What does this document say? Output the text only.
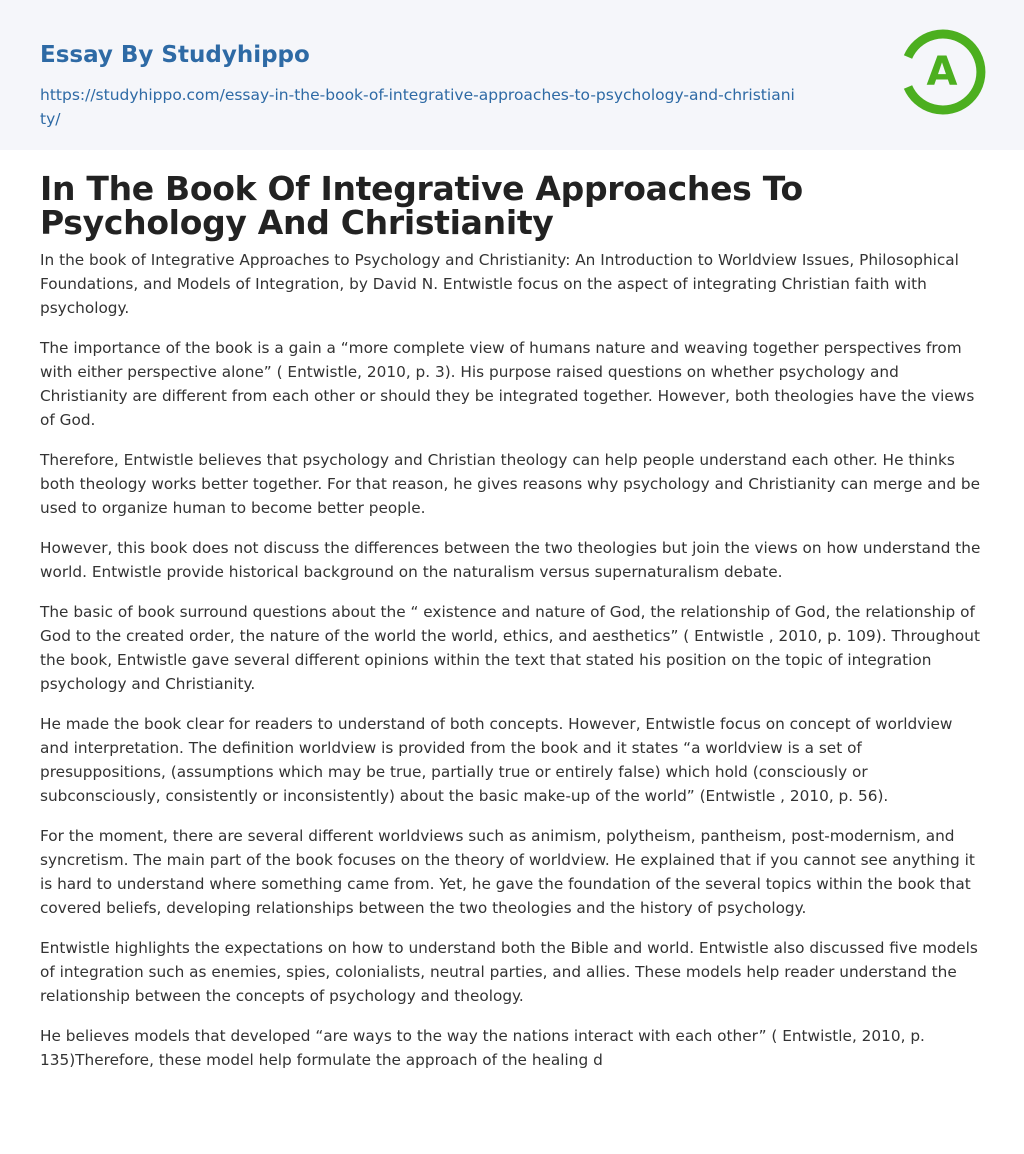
Essay By Studyhippo
https://studyhippo.com/essay-in-the-book-of-integrative-approaches-to-psychology-and-christianity/
A
In The Book Of Integrative Approaches To Psychology And Christianity

In the book of Integrative Approaches to Psychology and Christianity: An Introduction to Worldview Issues, Philosophical Foundations, and Models of Integration, by David N. Entwistle focus on the aspect of integrating Christian faith with psychology.

The importance of the book is a gain a “more complete view of humans nature and weaving together perspectives from with either perspective alone” ( Entwistle, 2010, p. 3). His purpose raised questions on whether psychology and Christianity are different from each other or should they be integrated together. However, both theologies have the views of God.

Therefore, Entwistle believes that psychology and Christian theology can help people understand each other. He thinks both theology works better together. For that reason, he gives reasons why psychology and Christianity can merge and be used to organize human to become better people.

However, this book does not discuss the differences between the two theologies but join the views on how understand the world. Entwistle provide historical background on the naturalism versus supernaturalism debate.

The basic of book surround questions about the “ existence and nature of God, the relationship of God, the relationship of God to the created order, the nature of the world the world, ethics, and aesthetics” ( Entwistle , 2010, p. 109). Throughout the book, Entwistle gave several different opinions within the text that stated his position on the topic of integration psychology and Christianity.

He made the book clear for readers to understand of both concepts. However, Entwistle focus on concept of worldview and interpretation. The definition worldview is provided from the book and it states “a worldview is a set of presuppositions, (assumptions which may be true, partially true or entirely false) which hold (consciously or subconsciously, consistently or inconsistently) about the basic make-up of the world” (Entwistle , 2010, p. 56).

For the moment, there are several different worldviews such as animism, polytheism, pantheism, post-modernism, and syncretism. The main part of the book focuses on the theory of worldview. He explained that if you cannot see anything it is hard to understand where something came from. Yet, he gave the foundation of the several topics within the book that covered beliefs, developing relationships between the two theologies and the history of psychology.

Entwistle highlights the expectations on how to understand both the Bible and world. Entwistle also discussed five models of integration such as enemies, spies, colonialists, neutral parties, and allies. These models help reader understand the relationship between the concepts of psychology and theology.

He believes models that developed “are ways to the way the nations interact with each other” ( Entwistle, 2010, p. 135)Therefore, these model help formulate the approach of the healing d
